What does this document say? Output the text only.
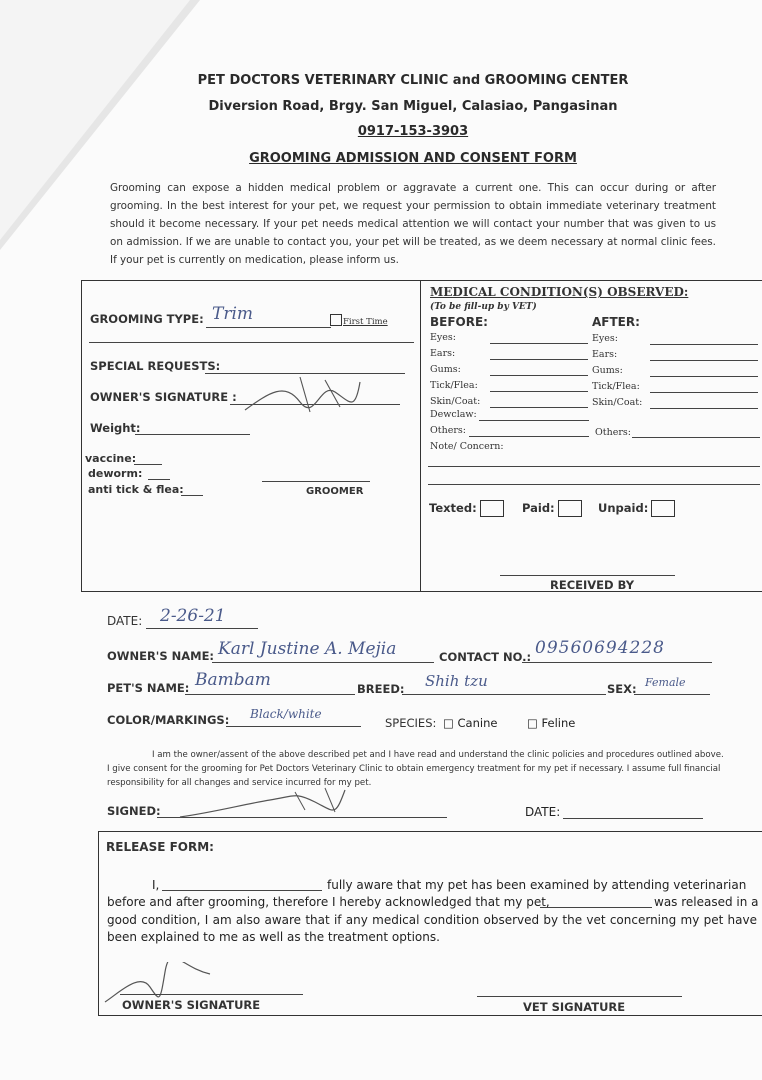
PET DOCTORS VETERINARY CLINIC and GROOMING CENTER
Diversion Road, Brgy. San Miguel, Calasiao, Pangasinan
0917-153-3903
GROOMING ADMISSION AND CONSENT FORM
Grooming can expose a hidden medical problem or aggravate a current one. This can occur during or after grooming. In the best interest for your pet, we request your permission to obtain immediate veterinary treatment should it become necessary. If your pet needs medical attention we will contact your number that was given to us on admission. If we are unable to contact you, your pet will be treated, as we deem necessary at normal clinic fees. If your pet is currently on medication, please inform us.
GROOMING TYPE: Trim	First Time
SPECIAL REQUESTS:
OWNER'S SIGNATURE :
Weight:
vaccine:
deworm:
anti tick & flea:	GROOMER
MEDICAL CONDITION(S) OBSERVED:
(To be fill-up by VET)
BEFORE:	AFTER:
Eyes:	Eyes:
Ears:	Ears:
Gums:	Gums:
Tick/Flea:	Tick/Flea:
Skin/Coat:	Skin/Coat:
Dewclaw:
Others:	Others:
Note/ Concern:
Texted:	Paid:	Unpaid:
RECEIVED BY
DATE: 2-26-21
OWNER'S NAME: Karl Justine A. Mejia	CONTACT NO.: 09560694228
PET'S NAME: Bambam	BREED: Shih tzu	SEX: Female
COLOR/MARKINGS: Black/white
SPECIES: □ Canine	□ Feline
I am the owner/assent of the above described pet and I have read and understand the clinic policies and procedures outlined above.
I give consent for the grooming for Pet Doctors Veterinary Clinic to obtain emergency treatment for my pet if necessary. I assume full financial
responsibility for all changes and service incurred for my pet.
SIGNED:	DATE:
RELEASE FORM:
I,	fully aware that my pet has been examined by attending veterinarian
before and after grooming, therefore I hereby acknowledged that my pet,	was released in a
good condition, I am also aware that if any medical condition observed by the vet concerning my pet have been explained to me as well as the treatment options.
OWNER'S SIGNATURE	VET SIGNATURE
